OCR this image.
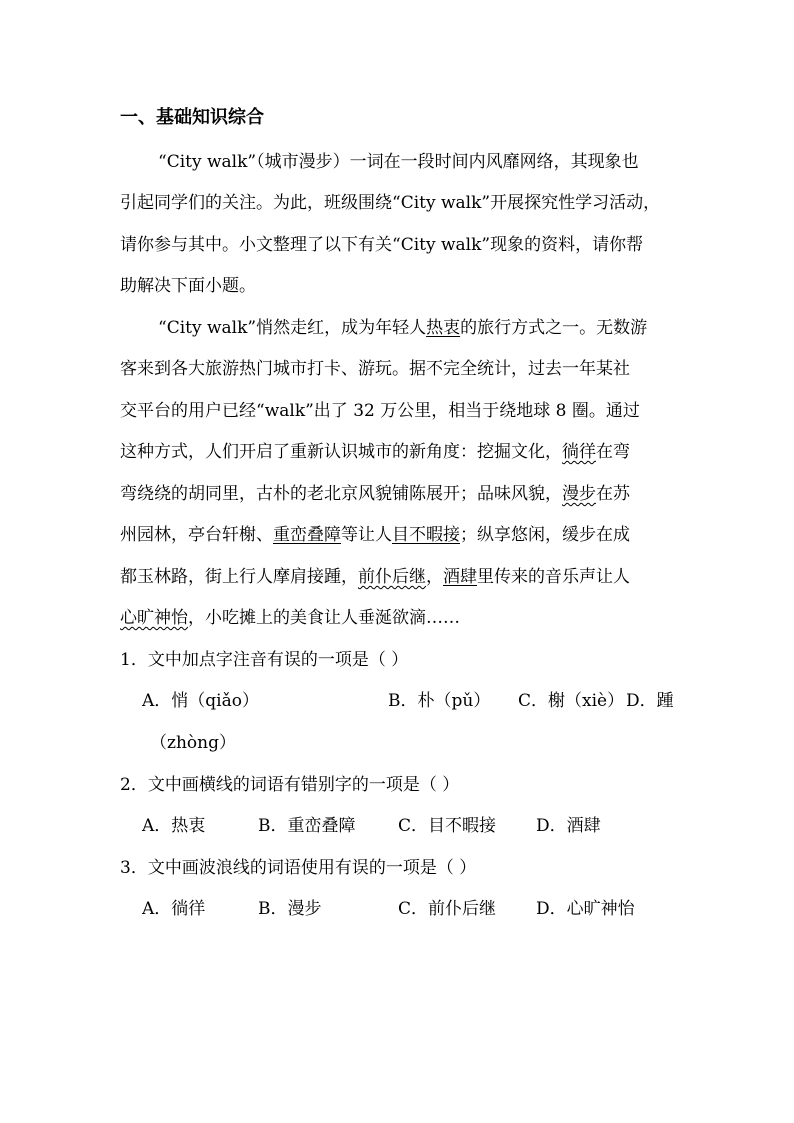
一、基础知识综合
“City walk”（城市漫步）一词在一段时间内风靡网络，其现象也
引起同学们的关注。为此，班级围绕“City walk”开展探究性学习活动，
请你参与其中。小文整理了以下有关“City walk”现象的资料，请你帮
助解决下面小题。
“City walk”悄然走红，成为年轻人热衷的旅行方式之一。无数游
客来到各大旅游热门城市打卡、游玩。据不完全统计，过去一年某社
交平台的用户已经“walk”出了 32 万公里，相当于绕地球 8 圈。通过
这种方式，人们开启了重新认识城市的新角度：挖掘文化，徜徉在弯
弯绕绕的胡同里，古朴的老北京风貌铺陈展开；品味风貌，漫步在苏
州园林，亭台轩榭、重峦叠障等让人目不暇接；纵享悠闲，缓步在成
都玉林路，街上行人摩肩接踵，前仆后继，酒肆里传来的音乐声让人
心旷神怡，小吃摊上的美食让人垂涎欲滴……
1．文中加点字注音有误的一项是（ ）
A．悄（qiǎo）	B．朴（pǔ） C．榭（xiè） D．踵
（zhòng）
2．文中画横线的词语有错别字的一项是（ ）
A．热衷	B．重峦叠障	C．目不暇接 D．酒肆
3．文中画波浪线的词语使用有误的一项是（ ）
A．徜徉	B．漫步	C．前仆后继 D．心旷神怡
